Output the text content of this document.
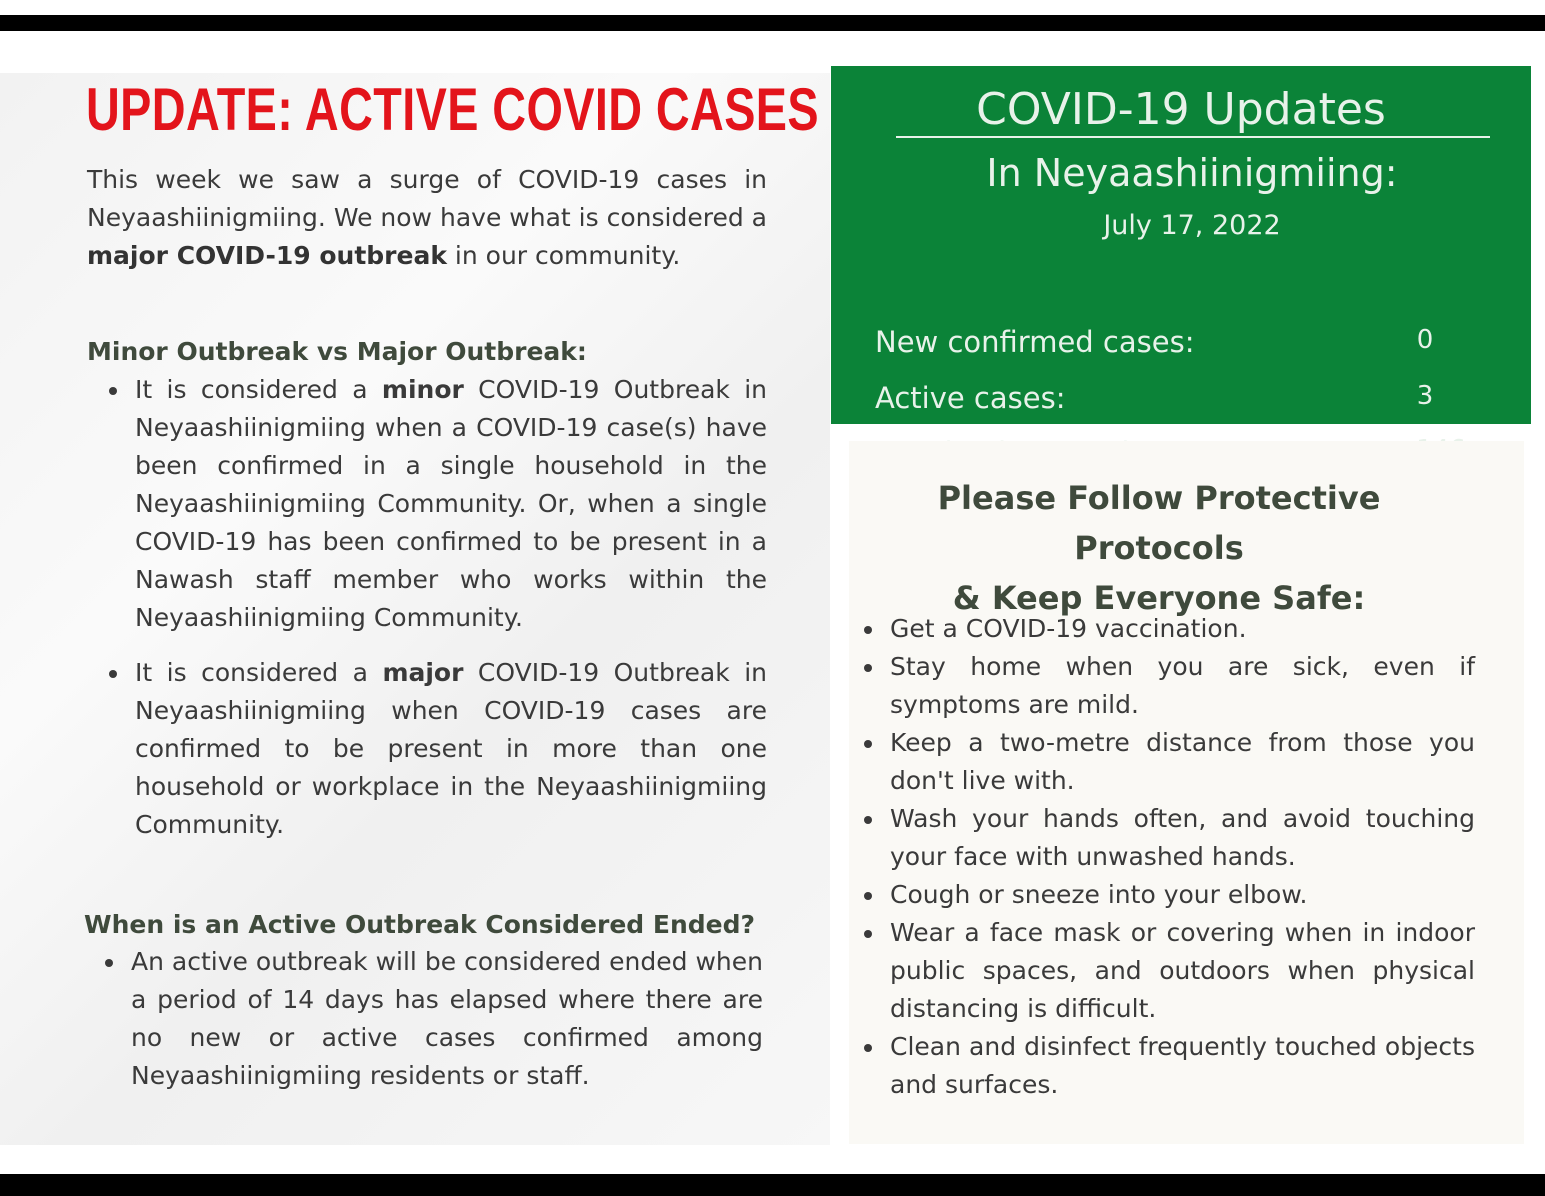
UPDATE: ACTIVE COVID CASES

This week we saw a surge of COVID-19 cases in Neyaashiinigmiing. We now have what is considered a major COVID-19 outbreak in our community.

Minor Outbreak vs Major Outbreak:
It is considered a minor COVID-19 Outbreak in Neyaashiinigmiing when a COVID-19 case(s) have been confirmed in a single household in the Neyaashiinigmiing Community. Or, when a single COVID-19 has been confirmed to be present in a Nawash staff member who works within the Neyaashiinigmiing Community.
It is considered a major COVID-19 Outbreak in Neyaashiinigmiing when COVID-19 cases are confirmed to be present in more than one household or workplace in the Neyaashiinigmiing Community.
When is an Active Outbreak Considered Ended?
An active outbreak will be considered ended when a period of 14 days has elapsed where there are no new or active cases confirmed among Neyaashiinigmiing residents or staff.

COVID-19 Updates

In Neyaashiinigmiing:

July 17, 2022

New confirmed cases:	0

Active cases:	3

Please Follow Protective Protocols
& Keep Everyone Safe:

Get a COVID-19 vaccination.
Stay home when you are sick, even if symptoms are mild.
Keep a two-metre distance from those you don't live with.
Wash your hands often, and avoid touching your face with unwashed hands.
Cough or sneeze into your elbow.
Wear a face mask or covering when in indoor public spaces, and outdoors when physical distancing is difficult.
Clean and disinfect frequently touched objects and surfaces.
